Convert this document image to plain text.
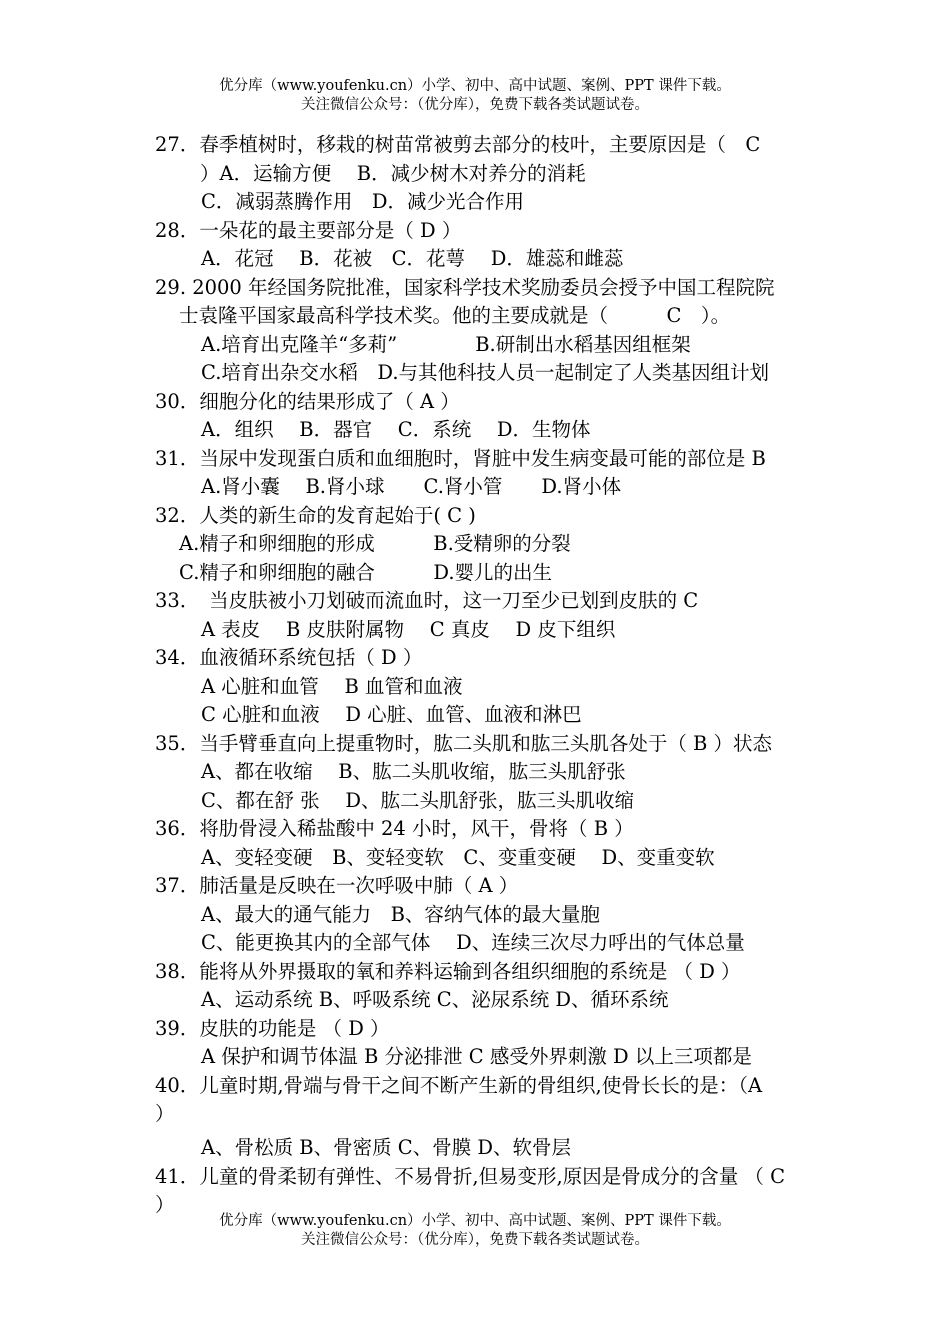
优分库（www.youfenku.cn）小学、初中、高中试题、案例、PPT 课件下载。
关注微信公众号：（优分库），免费下载各类试题试卷。
27．春季植树时，移栽的树苗常被剪去部分的枝叶，主要原因是（　C
）A．运输方便　 B．减少树木对养分的消耗
C．减弱蒸腾作用　D．减少光合作用
28．一朵花的最主要部分是（ D ）
A．花冠　 B．花被　C．花萼　 D．雄蕊和雌蕊
29. 2000 年经国务院批准，国家科学技术奖励委员会授予中国工程院院
士袁隆平国家最高科学技术奖。他的主要成就是（　　　C　）。
A.培育出克隆羊“多莉”　　　　B.研制出水稻基因组框架
C.培育出杂交水稻　D.与其他科技人员一起制定了人类基因组计划
30．细胞分化的结果形成了（ A ）
A．组织　 B．器官　 C．系统　 D．生物体
31．当尿中发现蛋白质和血细胞时，肾脏中发生病变最可能的部位是 B
A.肾小囊　 B.肾小球　　C.肾小管　　D.肾小体
32．人类的新生命的发育起始于( C )
A.精子和卵细胞的形成　　　B.受精卵的分裂
C.精子和卵细胞的融合　　　D.婴儿的出生
33．　当皮肤被小刀划破而流血时，这一刀至少已划到皮肤的 C
A 表皮　 B 皮肤附属物　 C 真皮　 D 皮下组织
34．血液循环系统包括（ D ）
A 心脏和血管　 B 血管和血液
C 心脏和血液　 D 心脏、血管、血液和淋巴
35．当手臂垂直向上提重物时，肱二头肌和肱三头肌各处于（ B ）状态
A、都在收缩　 B、肱二头肌收缩，肱三头肌舒张
C、都在舒 张　 D、肱二头肌舒张，肱三头肌收缩
36．将肋骨浸入稀盐酸中 24 小时，风干，骨将（ B ）
A、变轻变硬　B、变轻变软　C、变重变硬　 D、变重变软
37．肺活量是反映在一次呼吸中肺（ A ）
A、最大的通气能力　B、容纳气体的最大量胞
C、能更换其内的全部气体　 D、连续三次尽力呼出的气体总量
38．能将从外界摄取的氧和养料运输到各组织细胞的系统是 （ D ）
A、运动系统 B、呼吸系统 C、泌尿系统 D、循环系统
39．皮肤的功能是 （ D ）
A 保护和调节体温 B 分泌排泄 C 感受外界刺激 D 以上三项都是
40．儿童时期,骨端与骨干之间不断产生新的骨组织,使骨长长的是：（A
）
A、骨松质 B、骨密质 C、骨膜 D、软骨层
41．儿童的骨柔韧有弹性、不易骨折,但易变形,原因是骨成分的含量 （ C
）
优分库（www.youfenku.cn）小学、初中、高中试题、案例、PPT 课件下载。
关注微信公众号：（优分库），免费下载各类试题试卷。
